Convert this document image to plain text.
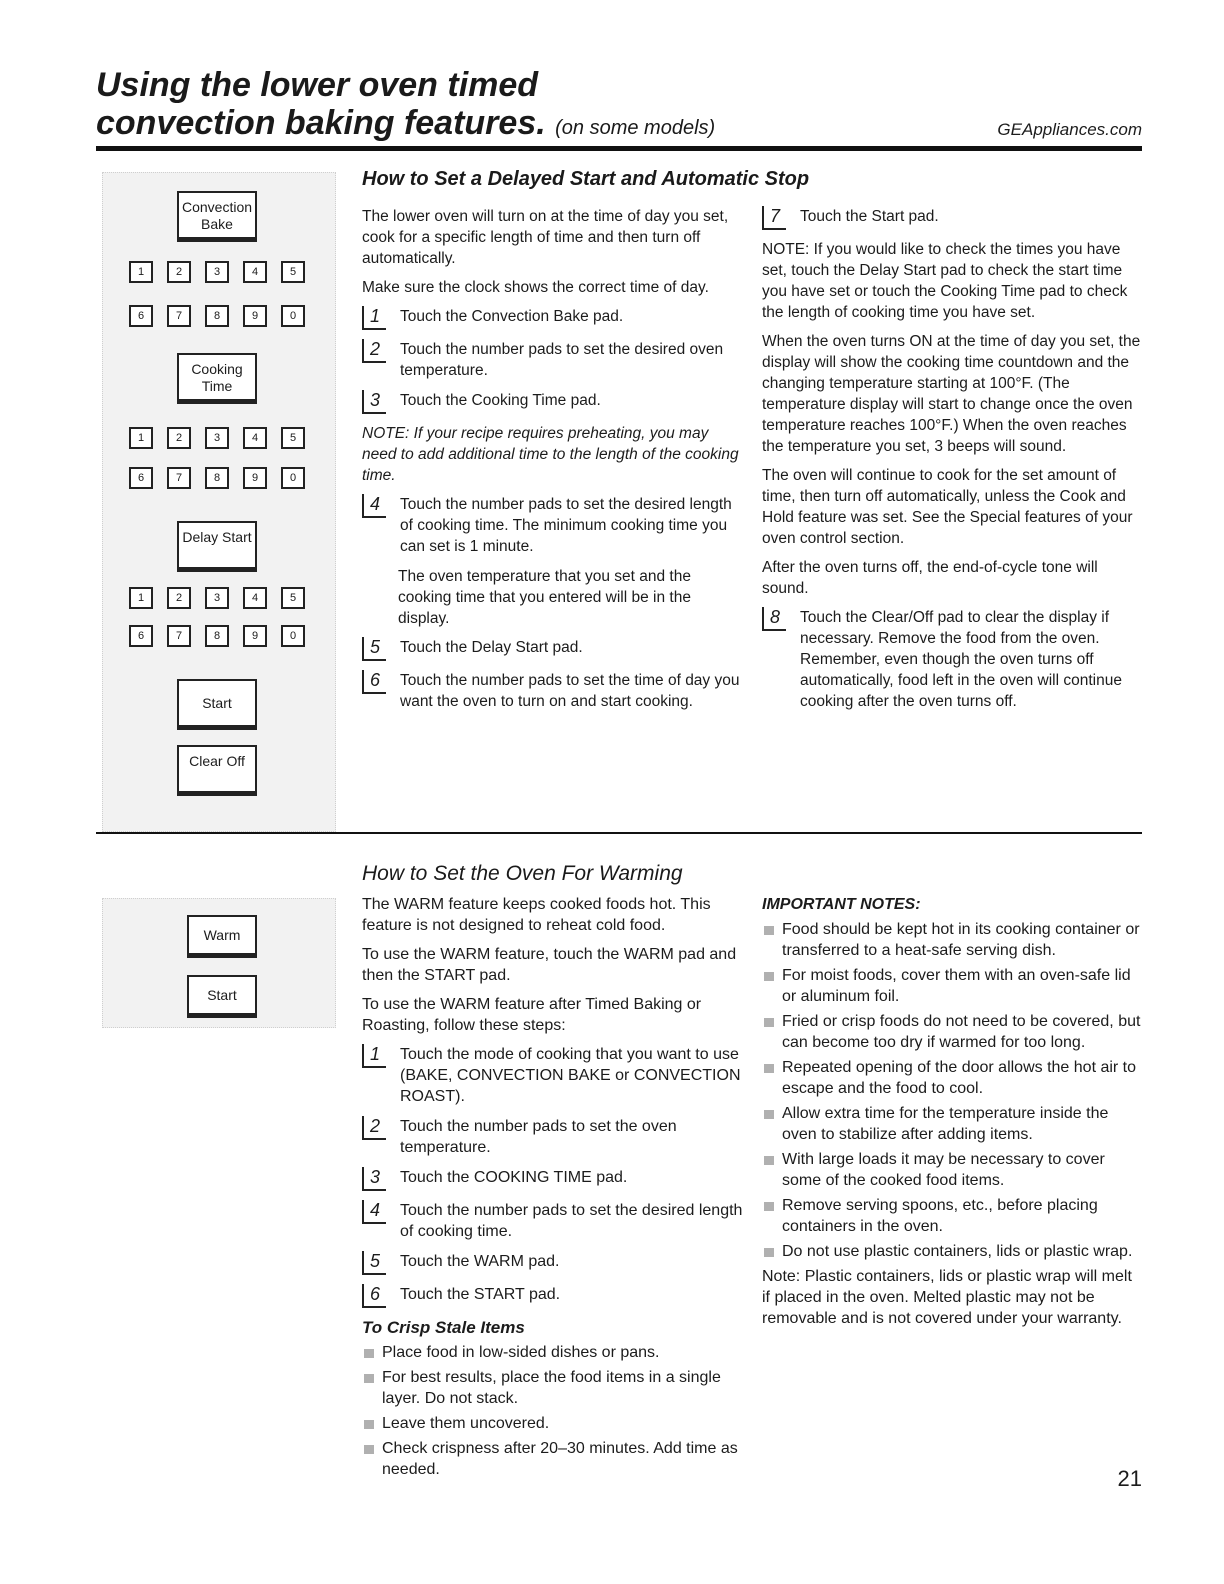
Using the lower oven timed
convection baking features. (on some models)	GEAppliances.com
Convection Bake
1	2	3	4	5
6	7	8	9	0
Cooking Time
1	2	3	4	5
6	7	8	9	0
Delay Start
1	2	3	4	5
6	7	8	9	0
Start
Clear Off
How to Set a Delayed Start and Automatic Stop

The lower oven will turn on at the time of day you set, cook for a specific length of time and then turn off automatically.

Make sure the clock shows the correct time of day.

1	Touch the Convection Bake pad.
2	Touch the number pads to set the desired oven temperature.
3	Touch the Cooking Time pad.

NOTE: If your recipe requires preheating, you may need to add additional time to the length of the cooking time.

4	Touch the number pads to set the desired length of cooking time. The minimum cooking time you can set is 1 minute.

The oven temperature that you set and the cooking time that you entered will be in the display.

5	Touch the Delay Start pad.
6	Touch the number pads to set the time of day you want the oven to turn on and start cooking.
7	Touch the Start pad.

NOTE: If you would like to check the times you have set, touch the Delay Start pad to check the start time you have set or touch the Cooking Time pad to check the length of cooking time you have set.

When the oven turns ON at the time of day you set, the display will show the cooking time countdown and the changing temperature starting at 100°F. (The temperature display will start to change once the oven temperature reaches 100°F.) When the oven reaches the temperature you set, 3 beeps will sound.

The oven will continue to cook for the set amount of time, then turn off automatically, unless the Cook and Hold feature was set. See the Special features of your oven control section.

After the oven turns off, the end-of-cycle tone will sound.

8	Touch the Clear/Off pad to clear the display if necessary. Remove the food from the oven. Remember, even though the oven turns off automatically, food left in the oven will continue cooking after the oven turns off.
Warm
Start
How to Set the Oven For Warming

The WARM feature keeps cooked foods hot. This feature is not designed to reheat cold food.

To use the WARM feature, touch the WARM pad and then the START pad.

To use the WARM feature after Timed Baking or Roasting, follow these steps:

1	Touch the mode of cooking that you want to use (BAKE, CONVECTION BAKE or CONVECTION ROAST).
2	Touch the number pads to set the oven temperature.
3	Touch the COOKING TIME pad.
4	Touch the number pads to set the desired length of cooking time.
5	Touch the WARM pad.
6	Touch the START pad.
To Crisp Stale Items
Place food in low-sided dishes or pans.
For best results, place the food items in a single layer. Do not stack.
Leave them uncovered.
Check crispness after 20–30 minutes. Add time as needed.
IMPORTANT NOTES:
Food should be kept hot in its cooking container or transferred to a heat-safe serving dish.
For moist foods, cover them with an oven-safe lid or aluminum foil.
Fried or crisp foods do not need to be covered, but can become too dry if warmed for too long.
Repeated opening of the door allows the hot air to escape and the food to cool.
Allow extra time for the temperature inside the oven to stabilize after adding items.
With large loads it may be necessary to cover some of the cooked food items.
Remove serving spoons, etc., before placing containers in the oven.
Do not use plastic containers, lids or plastic wrap.

Note: Plastic containers, lids or plastic wrap will melt if placed in the oven. Melted plastic may not be removable and is not covered under your warranty.

21
